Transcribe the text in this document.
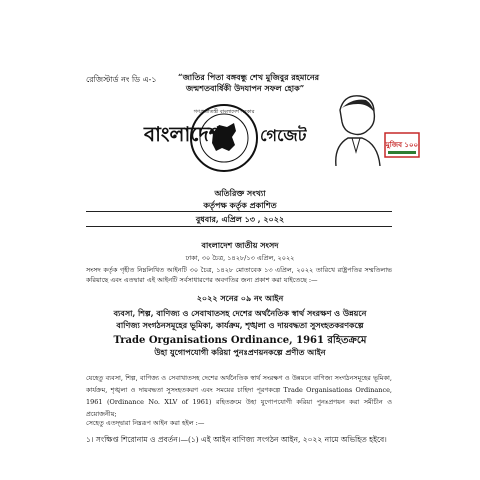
রেজিস্টার্ড নং ডি এ-১	“জাতির পিতা বঙ্গবন্ধু শেখ মুজিবুর রহমানের
জন্মশতবার্ষিকী উদযাপন সফল হোক”
গণপ্রজাতন্ত্রী বাংলাদেশ সরকার
বাংলাদেশ গেজেট	মুজিব ১০০
অতিরিক্ত সংখ্যা
কর্তৃপক্ষ কর্তৃক প্রকাশিত
বুধবার, এপ্রিল ১৩ , ২০২২
বাংলাদেশ জাতীয় সংসদ
ঢাকা, ৩০ চৈত্র, ১৪২৮/১৩ এপ্রিল, ২০২২
সংসদ কর্তৃক গৃহীত নিম্নলিখিত আইনটি ৩০ চৈত্র, ১৪২৮ মোতাবেক ১৩ এপ্রিল, ২০২২ তারিখে রাষ্ট্রপতির সম্মতিলাভ করিয়াছে এবং এতদ্বারা এই আইনটি সর্বসাধারণের অবগতির জন্য প্রকাশ করা যাইতেছে :—
২০২২ সনের ০৯ নং আইন
ব্যবসা, শিল্প, বাণিজ্য ও সেবাখাতসহ দেশের অর্থনৈতিক স্বার্থ সংরক্ষণ ও উন্নয়নে
বাণিজ্য সংগঠনসমূহের ভূমিকা, কার্যক্রম, শৃঙ্খলা ও দায়বদ্ধতা সুসংহতকরণকল্পে
Trade Organisations Ordinance, 1961 রহিতক্রমে
উহা যুগোপযোগী করিয়া পুনঃপ্রণয়নকল্পে প্রণীত আইন
যেহেতু ব্যবসা, শিল্প, বাণিজ্য ও সেবাখাতসহ দেশের অর্থনৈতিক স্বার্থ সংরক্ষণ ও উন্নয়নে বাণিজ্য সংগঠনসমূহের ভূমিকা, কার্যক্রম, শৃঙ্খলা ও দায়বদ্ধতা সুসংহতকরণ এবং সময়ের চাহিদা পূরণকল্পে Trade Organisations Ordinance, 1961 (Ordinance No. XLV of 1961) রহিতক্রমে উহা যুগোপযোগী করিয়া পুনঃপ্রণয়ন করা সমীচীন ও প্রয়োজনীয়;
সেহেতু এতদ্দ্বারা নিম্নরূপ আইন করা হইল :—
১। সংক্ষিপ্ত শিরোনাম ও প্রবর্তন।—(১) এই আইন বাণিজ্য সংগঠন আইন, ২০২২ নামে অভিহিত হইবে।
